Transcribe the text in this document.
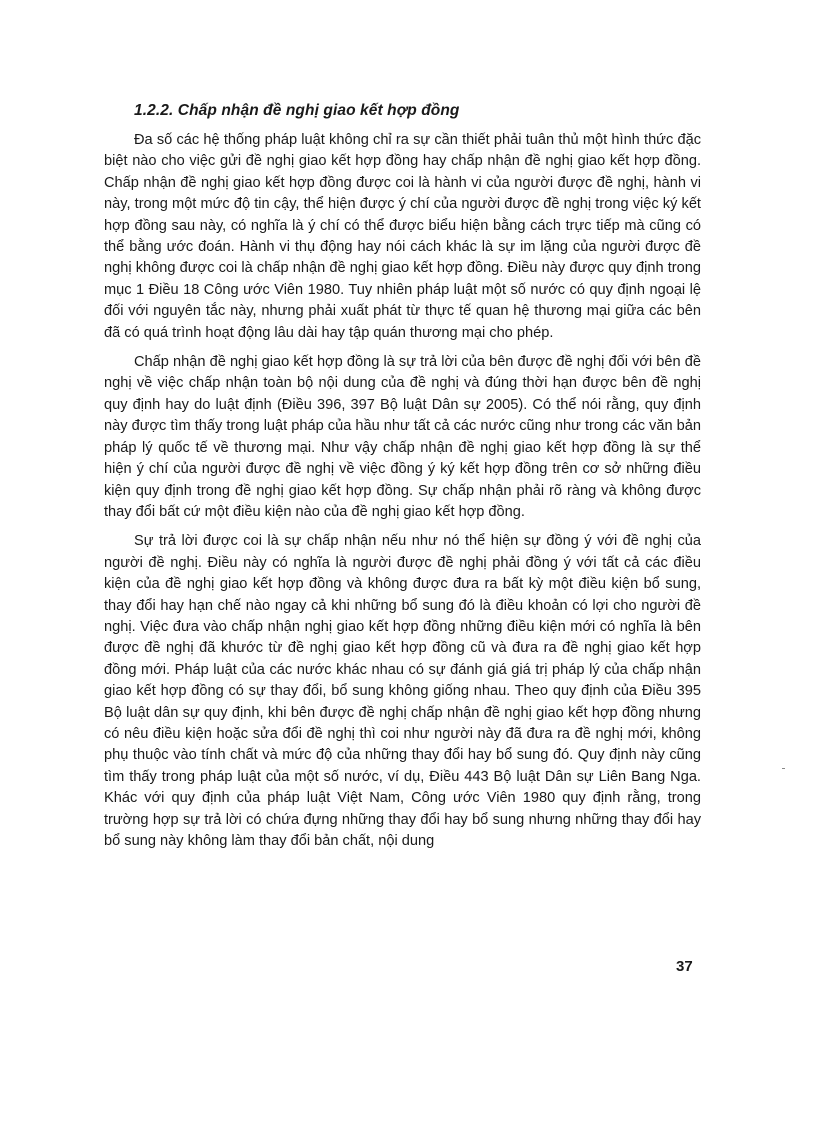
1.2.2. Chấp nhận đề nghị giao kết hợp đồng

Đa số các hệ thống pháp luật không chỉ ra sự cần thiết phải tuân thủ một hình thức đặc biệt nào cho việc gửi đề nghị giao kết hợp đồng hay chấp nhận đề nghị giao kết hợp đồng. Chấp nhận đề nghị giao kết hợp đồng được coi là hành vi của người được đề nghị, hành vi này, trong một mức độ tin cậy, thể hiện được ý chí của người được đề nghị trong việc ký kết hợp đồng sau này, có nghĩa là ý chí có thể được biểu hiện bằng cách trực tiếp mà cũng có thể bằng ước đoán. Hành vi thụ động hay nói cách khác là sự im lặng của người được đề nghị không được coi là chấp nhận đề nghị giao kết hợp đồng. Điều này được quy định trong mục 1 Điều 18 Công ước Viên 1980. Tuy nhiên pháp luật một số nước có quy định ngoại lệ đối với nguyên tắc này, nhưng phải xuất phát từ thực tế quan hệ thương mại giữa các bên đã có quá trình hoạt động lâu dài hay tập quán thương mại cho phép.

Chấp nhận đề nghị giao kết hợp đồng là sự trả lời của bên được đề nghị đối với bên đề nghị về việc chấp nhận toàn bộ nội dung của đề nghị và đúng thời hạn được bên đề nghị quy định hay do luật định (Điều 396, 397 Bộ luật Dân sự 2005). Có thể nói rằng, quy định này được tìm thấy trong luật pháp của hầu như tất cả các nước cũng như trong các văn bản pháp lý quốc tế về thương mại. Như vậy chấp nhận đề nghị giao kết hợp đồng là sự thể hiện ý chí của người được đề nghị về việc đồng ý ký kết hợp đồng trên cơ sở những điều kiện quy định trong đề nghị giao kết hợp đồng. Sự chấp nhận phải rõ ràng và không được thay đổi bất cứ một điều kiện nào của đề nghị giao kết hợp đồng.

Sự trả lời được coi là sự chấp nhận nếu như nó thể hiện sự đồng ý với đề nghị của người đề nghị. Điều này có nghĩa là người được đề nghị phải đồng ý với tất cả các điều kiện của đề nghị giao kết hợp đồng và không được đưa ra bất kỳ một điều kiện bổ sung, thay đổi hay hạn chế nào ngay cả khi những bổ sung đó là điều khoản có lợi cho người đề nghị. Việc đưa vào chấp nhận nghị giao kết hợp đồng những điều kiện mới có nghĩa là bên được đề nghị đã khước từ đề nghị giao kết hợp đồng cũ và đưa ra đề nghị giao kết hợp đồng mới. Pháp luật của các nước khác nhau có sự đánh giá giá trị pháp lý của chấp nhận giao kết hợp đồng có sự thay đổi, bổ sung không giống nhau. Theo quy định của Điều 395 Bộ luật dân sự quy định, khi bên được đề nghị chấp nhận đề nghị giao kết hợp đồng nhưng có nêu điều kiện hoặc sửa đổi đề nghị thì coi như người này đã đưa ra đề nghị mới, không phụ thuộc vào tính chất và mức độ của những thay đổi hay bổ sung đó. Quy định này cũng tìm thấy trong pháp luật của một số nước, ví dụ, Điều 443 Bộ luật Dân sự Liên Bang Nga. Khác với quy định của pháp luật Việt Nam, Công ước Viên 1980 quy định rằng, trong trường hợp sự trả lời có chứa đựng những thay đổi hay bổ sung nhưng những thay đổi hay bổ sung này không làm thay đổi bản chất, nội dung

37
